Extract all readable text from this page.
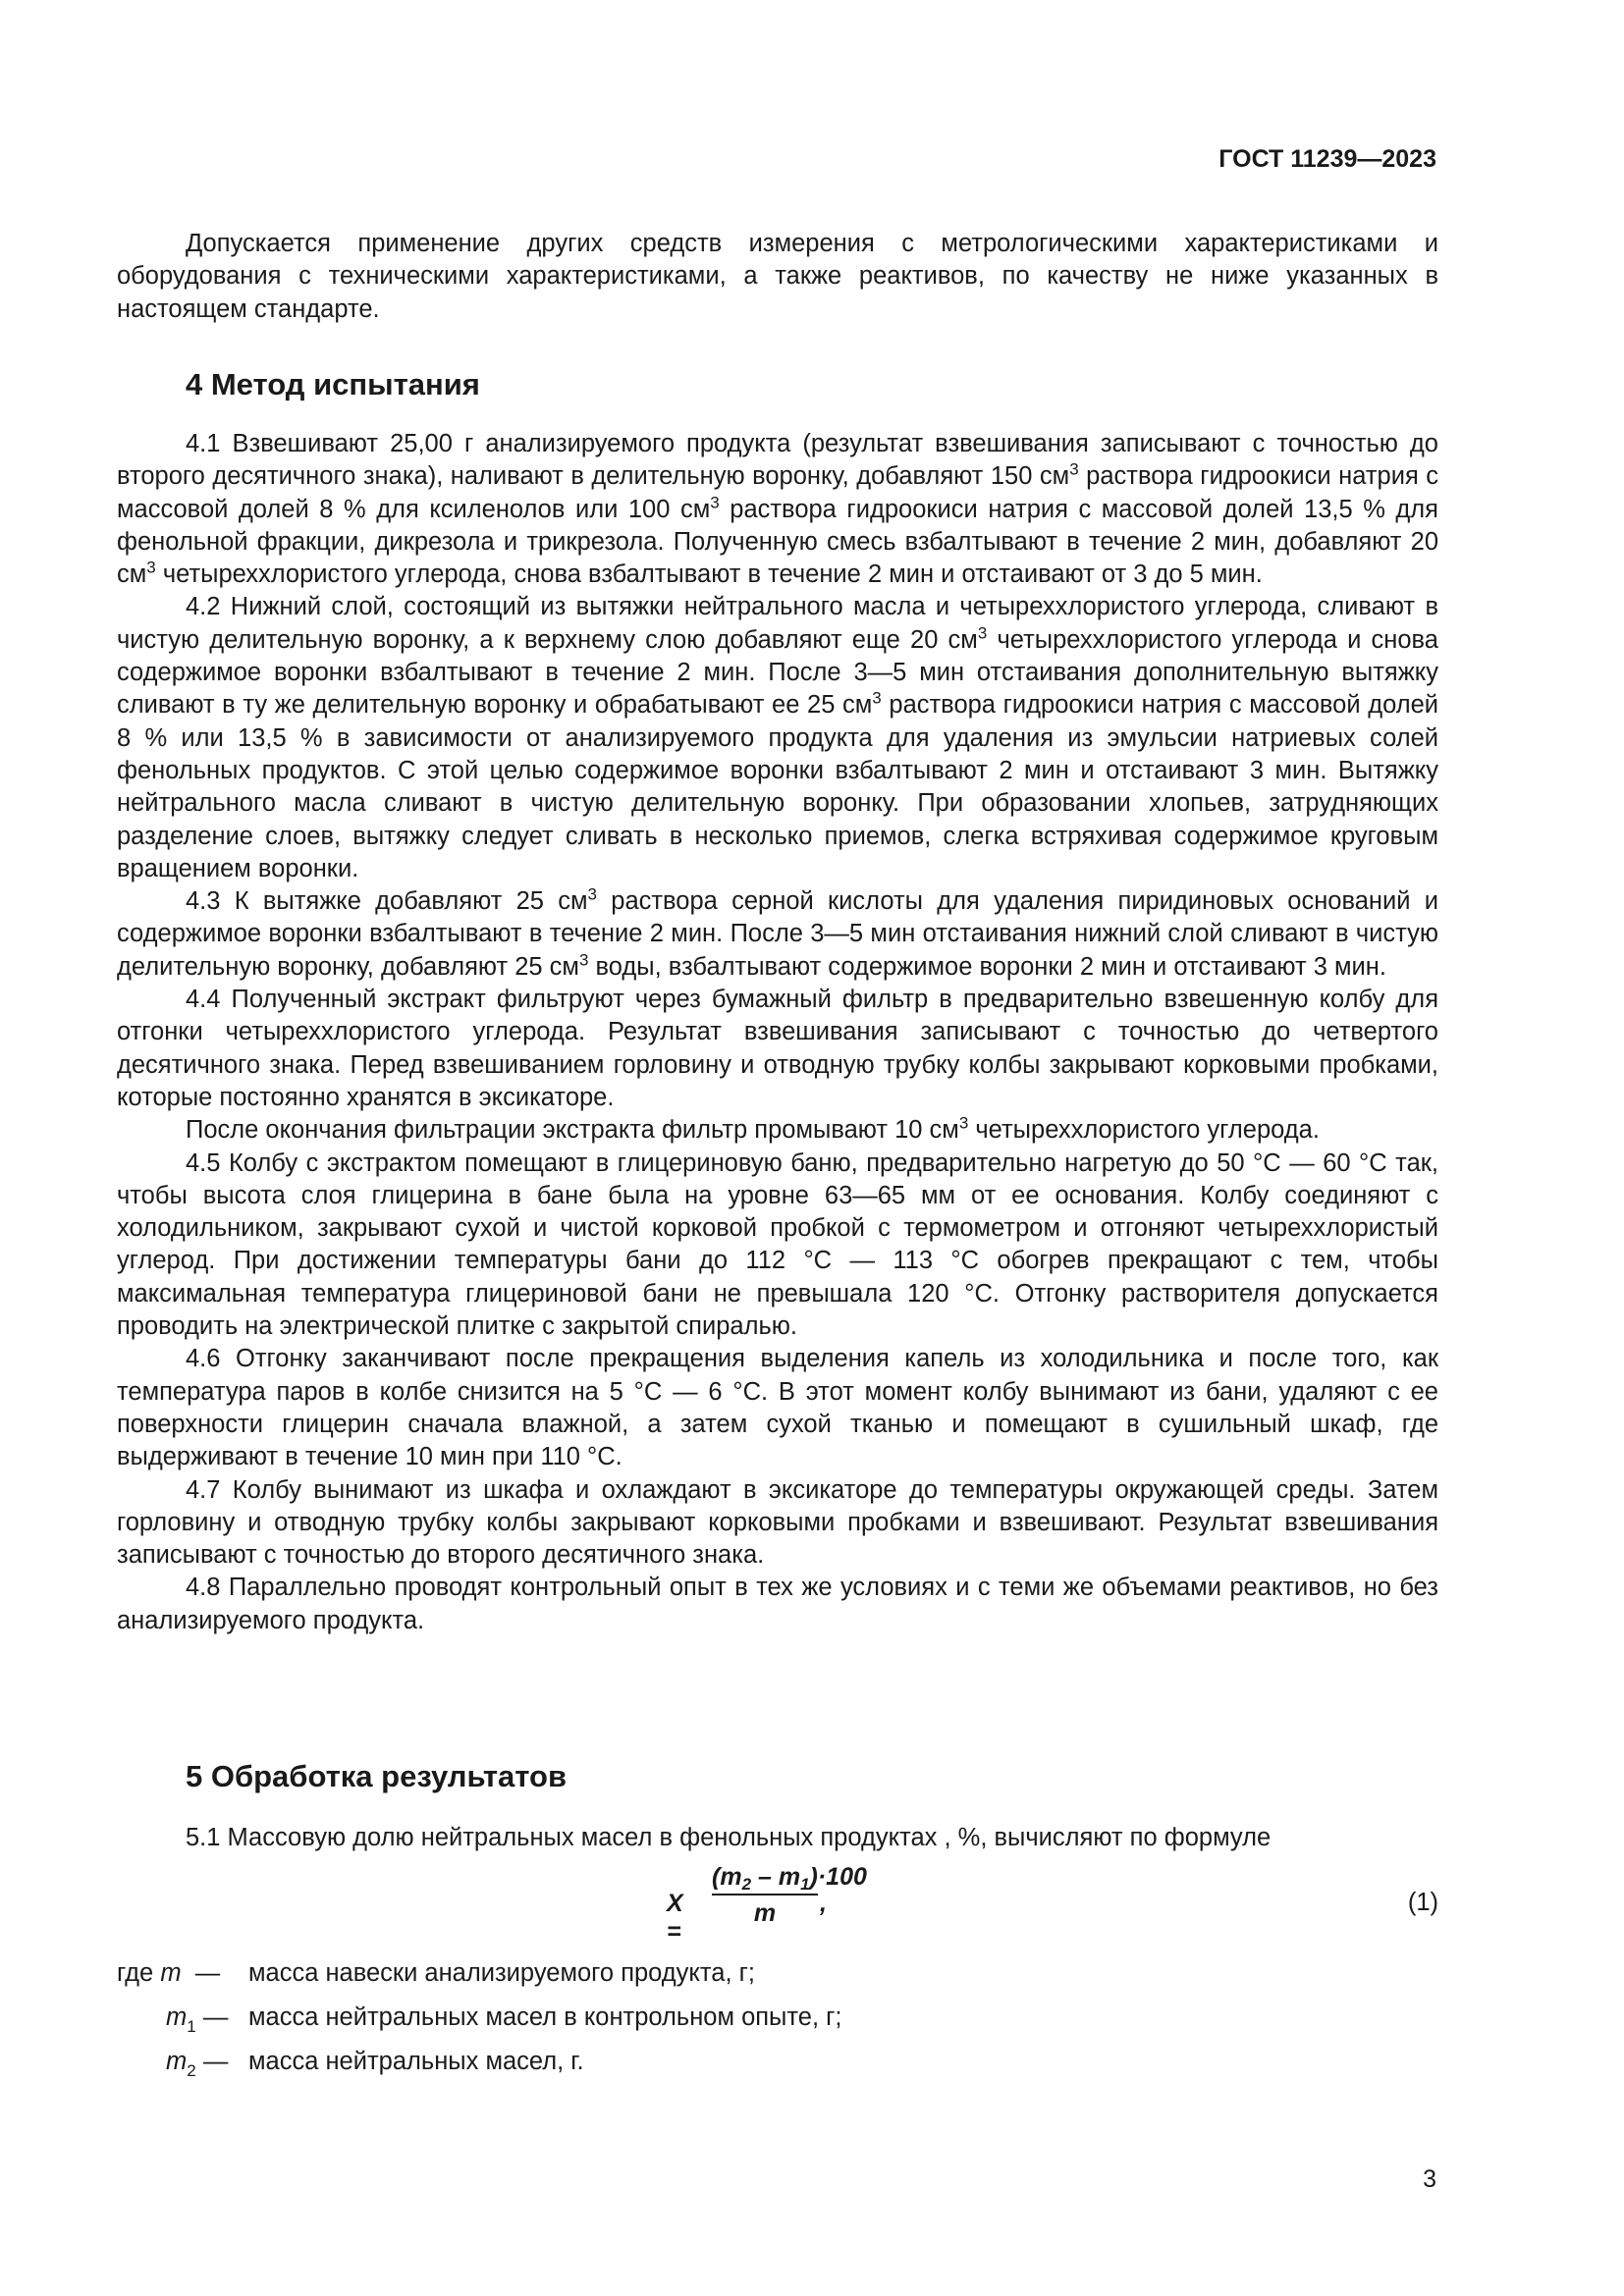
ГОСТ 11239—2023

Допускается применение других средств измерения с метрологическими характеристиками и оборудования с техническими характеристиками, а также реактивов, по качеству не ниже указанных в настоящем стандарте.

4 Метод испытания

4.1 Взвешивают 25,00 г анализируемого продукта (результат взвешивания записывают с точностью до второго десятичного знака), наливают в делительную воронку, добавляют 150 $см^3$ раствора гидроокиси натрия с массовой долей 8 % для ксиленолов или 100 $см^3$ раствора гидроокиси натрия с массовой долей 13,5 % для фенольной фракции, дикрезола и трикрезола. Полученную смесь взбалтывают в течение 2 мин, добавляют 20 $см^3$ четыреххлористого углерода, снова взбалтывают в течение 2 мин и отстаивают от 3 до 5 мин.

4.2 Нижний слой, состоящий из вытяжки нейтрального масла и четыреххлористого углерода, сливают в чистую делительную воронку, а к верхнему слою добавляют еще 20 $см^3$ четыреххлористого углерода и снова содержимое воронки взбалтывают в течение 2 мин. После 3—5 мин отстаивания дополнительную вытяжку сливают в ту же делительную воронку и обрабатывают ее 25 $см^3$ раствора гидроокиси натрия с массовой долей 8 % или 13,5 % в зависимости от анализируемого продукта для удаления из эмульсии натриевых солей фенольных продуктов. С этой целью содержимое воронки взбалтывают 2 мин и отстаивают 3 мин. Вытяжку нейтрального масла сливают в чистую делительную воронку. При образовании хлопьев, затрудняющих разделение слоев, вытяжку следует сливать в несколько приемов, слегка встряхивая содержимое круговым вращением воронки.

4.3 К вытяжке добавляют 25 $см^3$ раствора серной кислоты для удаления пиридиновых оснований и содержимое воронки взбалтывают в течение 2 мин. После 3—5 мин отстаивания нижний слой сливают в чистую делительную воронку, добавляют 25 $см^3$ воды, взбалтывают содержимое воронки 2 мин и отстаивают 3 мин.

4.4 Полученный экстракт фильтруют через бумажный фильтр в предварительно взвешенную колбу для отгонки четыреххлористого углерода. Результат взвешивания записывают с точностью до четвертого десятичного знака. Перед взвешиванием горловину и отводную трубку колбы закрывают корковыми пробками, которые постоянно хранятся в эксикаторе.

После окончания фильтрации экстракта фильтр промывают 10 $см^3$ четыреххлористого углерода.

4.5 Колбу с экстрактом помещают в глицериновую баню, предварительно нагретую до 50 °С — 60 °С так, чтобы высота слоя глицерина в бане была на уровне 63—65 мм от ее основания. Колбу соединяют с холодильником, закрывают сухой и чистой корковой пробкой с термометром и отгоняют четыреххлористый углерод. При достижении температуры бани до 112 °С — 113 °С обогрев прекращают с тем, чтобы максимальная температура глицериновой бани не превышала 120 °С. Отгонку растворителя допускается проводить на электрической плитке с закрытой спиралью.

4.6 Отгонку заканчивают после прекращения выделения капель из холодильника и после того, как температура паров в колбе снизится на 5 °С — 6 °С. В этот момент колбу вынимают из бани, удаляют с ее поверхности глицерин сначала влажной, а затем сухой тканью и помещают в сушильный шкаф, где выдерживают в течение 10 мин при 110 °С.

4.7 Колбу вынимают из шкафа и охлаждают в эксикаторе до температуры окружающей среды. Затем горловину и отводную трубку колбы закрывают корковыми пробками и взвешивают. Результат взвешивания записывают с точностью до второго десятичного знака.

4.8 Параллельно проводят контрольный опыт в тех же условиях и с теми же объемами реактивов, но без анализируемого продукта.

5 Обработка результатов

5.1 Массовую долю нейтральных масел в фенольных продуктах , %, вычисляют по формуле

X =
$\frac{(m_2 - m_1)\cdot 100}{m}$ ,	(1)
где m — масса навески анализируемого продукта, г;
$m_1$ — масса нейтральных масел в контрольном опыте, г;
$m_2$ — масса нейтральных масел, г.
3
